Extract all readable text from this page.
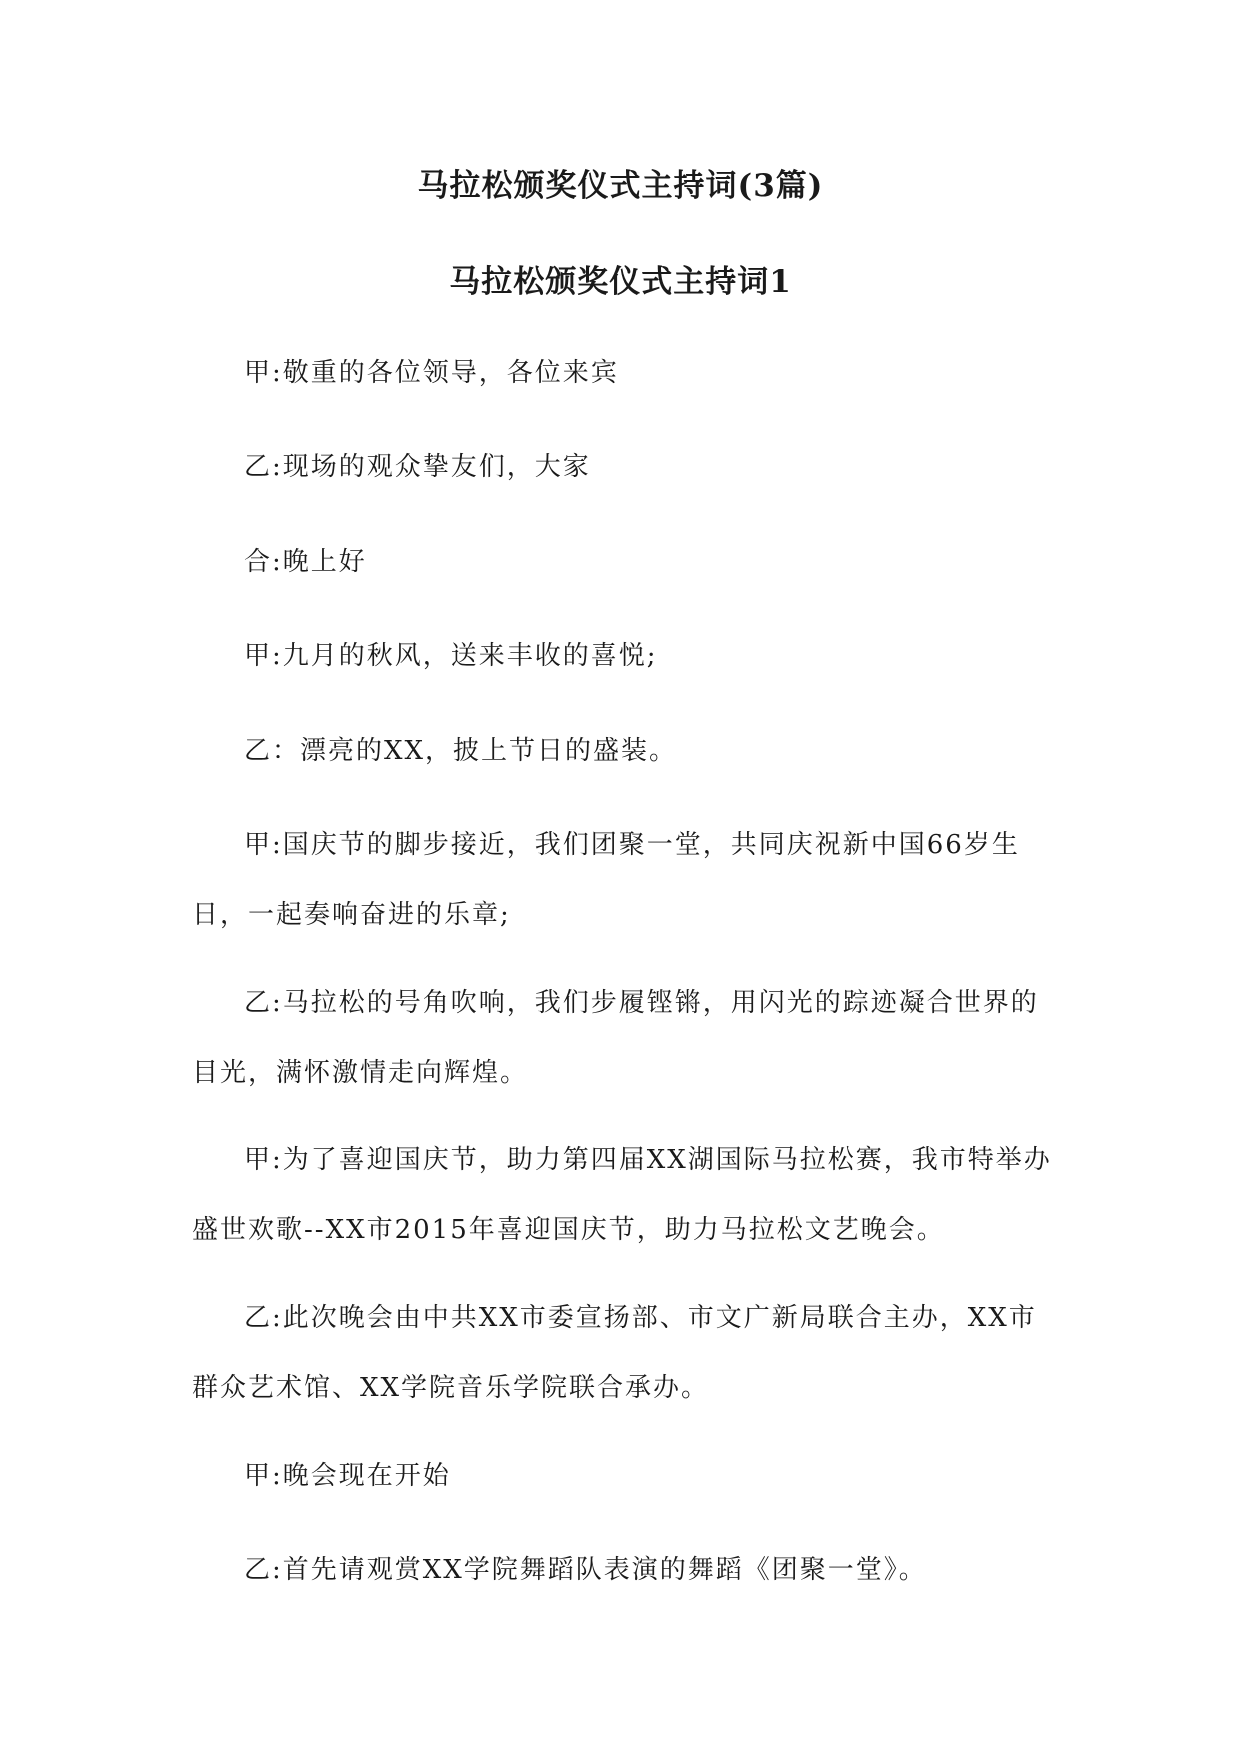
马拉松颁奖仪式主持词(3篇)
马拉松颁奖仪式主持词1

甲:敬重的各位领导，各位来宾

乙:现场的观众挚友们，大家

合:晚上好

甲:九月的秋风，送来丰收的喜悦;

乙：漂亮的XX，披上节日的盛装。

甲:国庆节的脚步接近，我们团聚一堂，共同庆祝新中国66岁生日，一起奏响奋进的乐章;

乙:马拉松的号角吹响，我们步履铿锵，用闪光的踪迹凝合世界的目光，满怀激情走向辉煌。

甲:为了喜迎国庆节，助力第四届XX湖国际马拉松赛，我市特举办盛世欢歌--XX市2015年喜迎国庆节，助力马拉松文艺晚会。

乙:此次晚会由中共XX市委宣扬部、市文广新局联合主办，XX市群众艺术馆、XX学院音乐学院联合承办。

甲:晚会现在开始

乙:首先请观赏XX学院舞蹈队表演的舞蹈《团聚一堂》。
